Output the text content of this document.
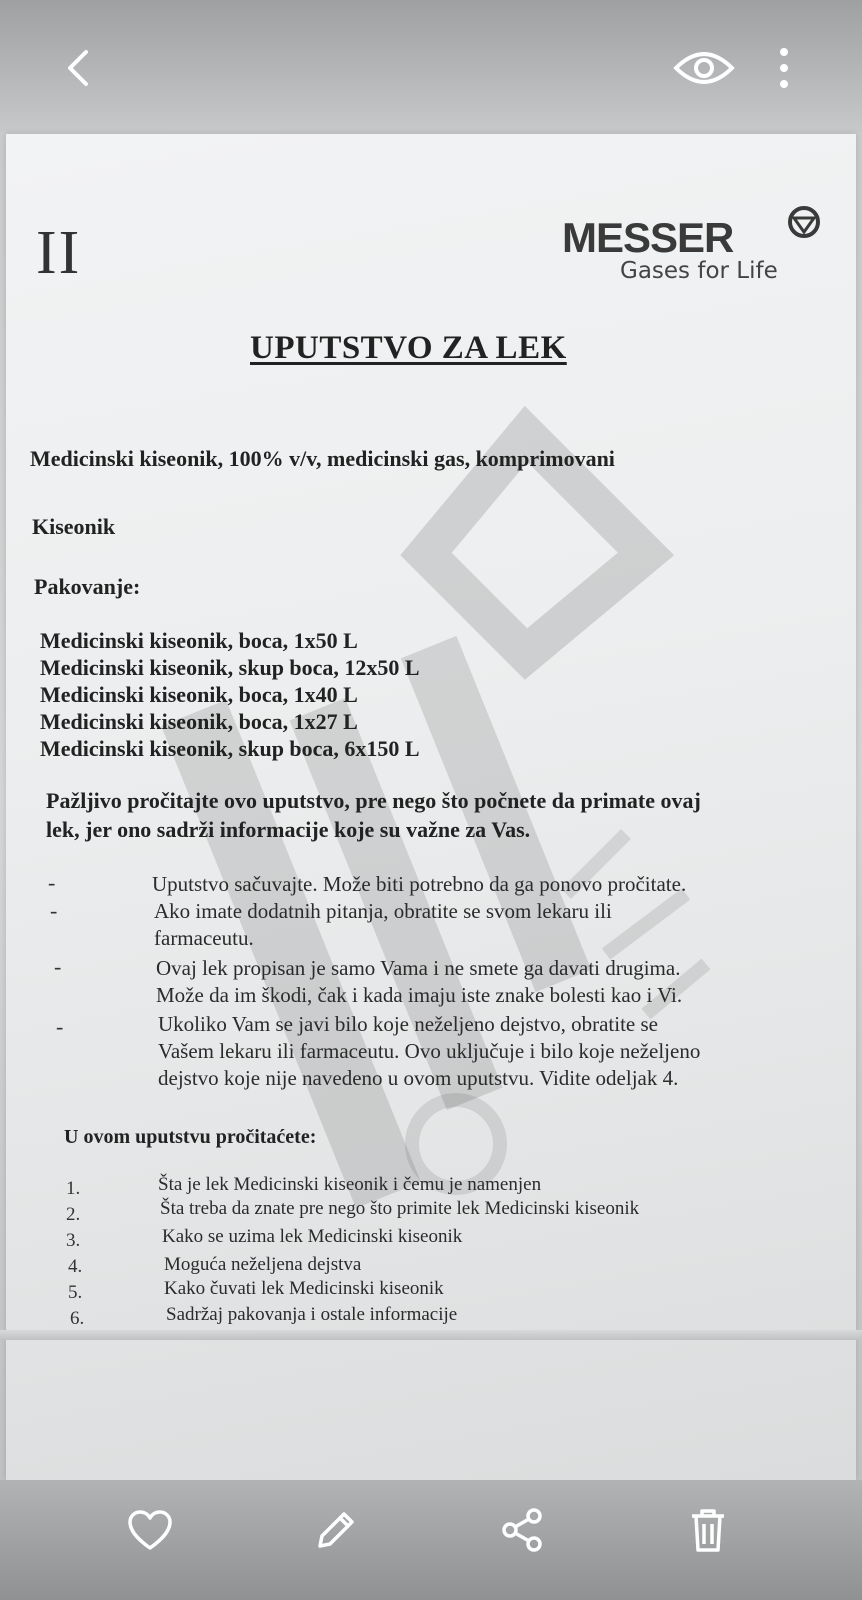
II	MESSER
Gases for Life
UPUTSTVO ZA LEK
Medicinski kiseonik, 100% v/v, medicinski gas, komprimovani
Kiseonik
Pakovanje:
Medicinski kiseonik, boca, 1x50 L
Medicinski kiseonik, skup boca, 12x50 L
Medicinski kiseonik, boca, 1x40 L
Medicinski kiseonik, boca, 1x27 L
Medicinski kiseonik, skup boca, 6x150 L
Pažljivo pročitajte ovo uputstvo, pre nego što počnete da primate ovaj
lek, jer ono sadrži informacije koje su važne za Vas.
-	Uputstvo sačuvajte. Može biti potrebno da ga ponovo pročitate.
-	Ako imate dodatnih pitanja, obratite se svom lekaru ili
farmaceutu.
-	Ovaj lek propisan je samo Vama i ne smete ga davati drugima.
Može da im škodi, čak i kada imaju iste znake bolesti kao i Vi.
-	Ukoliko Vam se javi bilo koje neželjeno dejstvo, obratite se
Vašem lekaru ili farmaceutu. Ovo uključuje i bilo koje neželjeno
dejstvo koje nije navedeno u ovom uputstvu. Vidite odeljak 4.
U ovom uputstvu pročitaćete:
1.	Šta je lek Medicinski kiseonik i čemu je namenjen
2.	Šta treba da znate pre nego što primite lek Medicinski kiseonik
3.	Kako se uzima lek Medicinski kiseonik
4.	Moguća neželjena dejstva
5.	Kako čuvati lek Medicinski kiseonik
6.	Sadržaj pakovanja i ostale informacije
